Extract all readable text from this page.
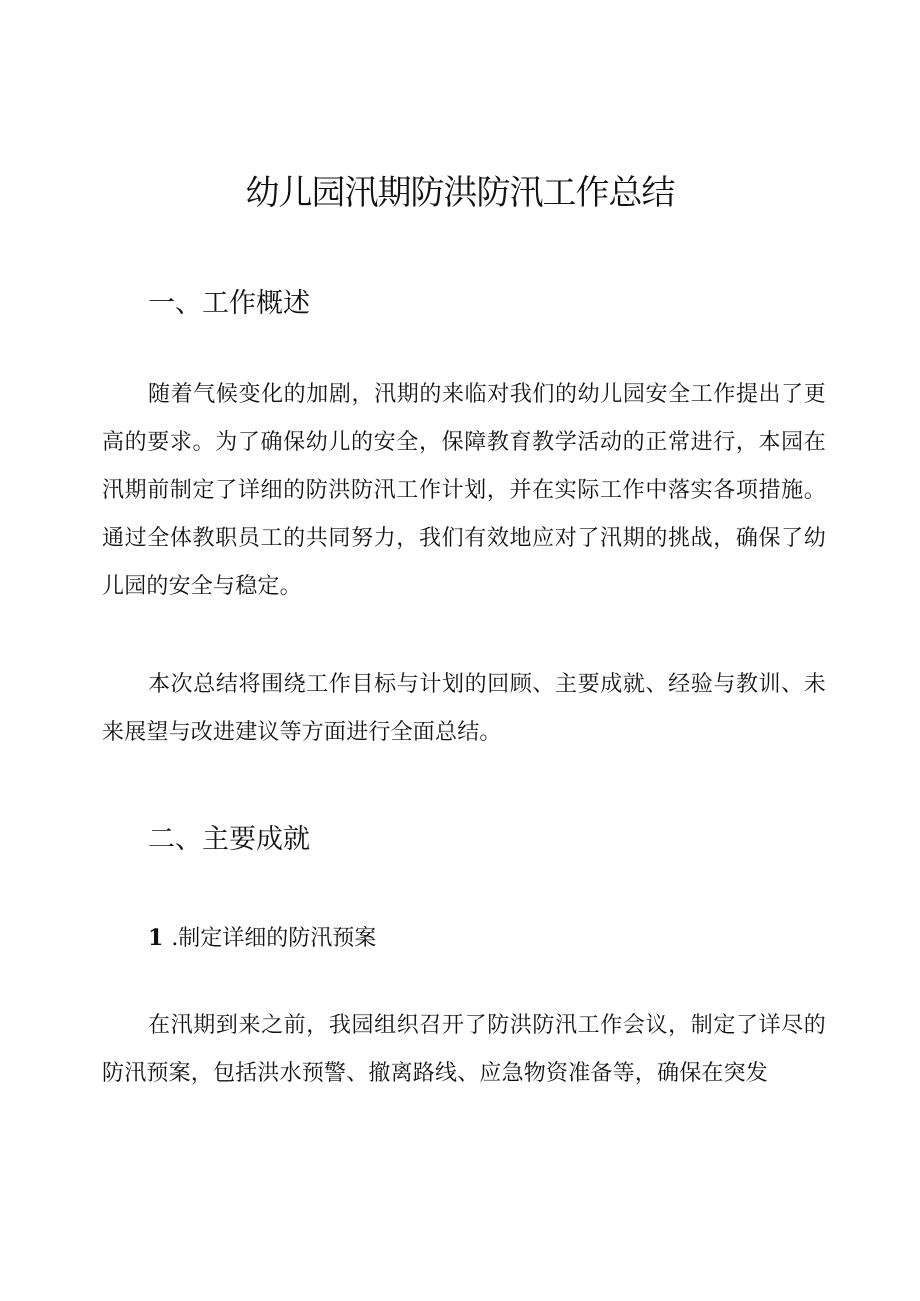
幼儿园汛期防洪防汛工作总结
一、工作概述

随着气候变化的加剧，汛期的来临对我们的幼儿园安全工作提出了更高的要求。为了确保幼儿的安全，保障教育教学活动的正常进行，本园在汛期前制定了详细的防洪防汛工作计划，并在实际工作中落实各项措施。通过全体教职员工的共同努力，我们有效地应对了汛期的挑战，确保了幼儿园的安全与稳定。

本次总结将围绕工作目标与计划的回顾、主要成就、经验与教训、未来展望与改进建议等方面进行全面总结。

二、主要成就
1 .制定详细的防汛预案

在汛期到来之前，我园组织召开了防洪防汛工作会议，制定了详尽的防汛预案，包括洪水预警、撤离路线、应急物资准备等，确保在突发
